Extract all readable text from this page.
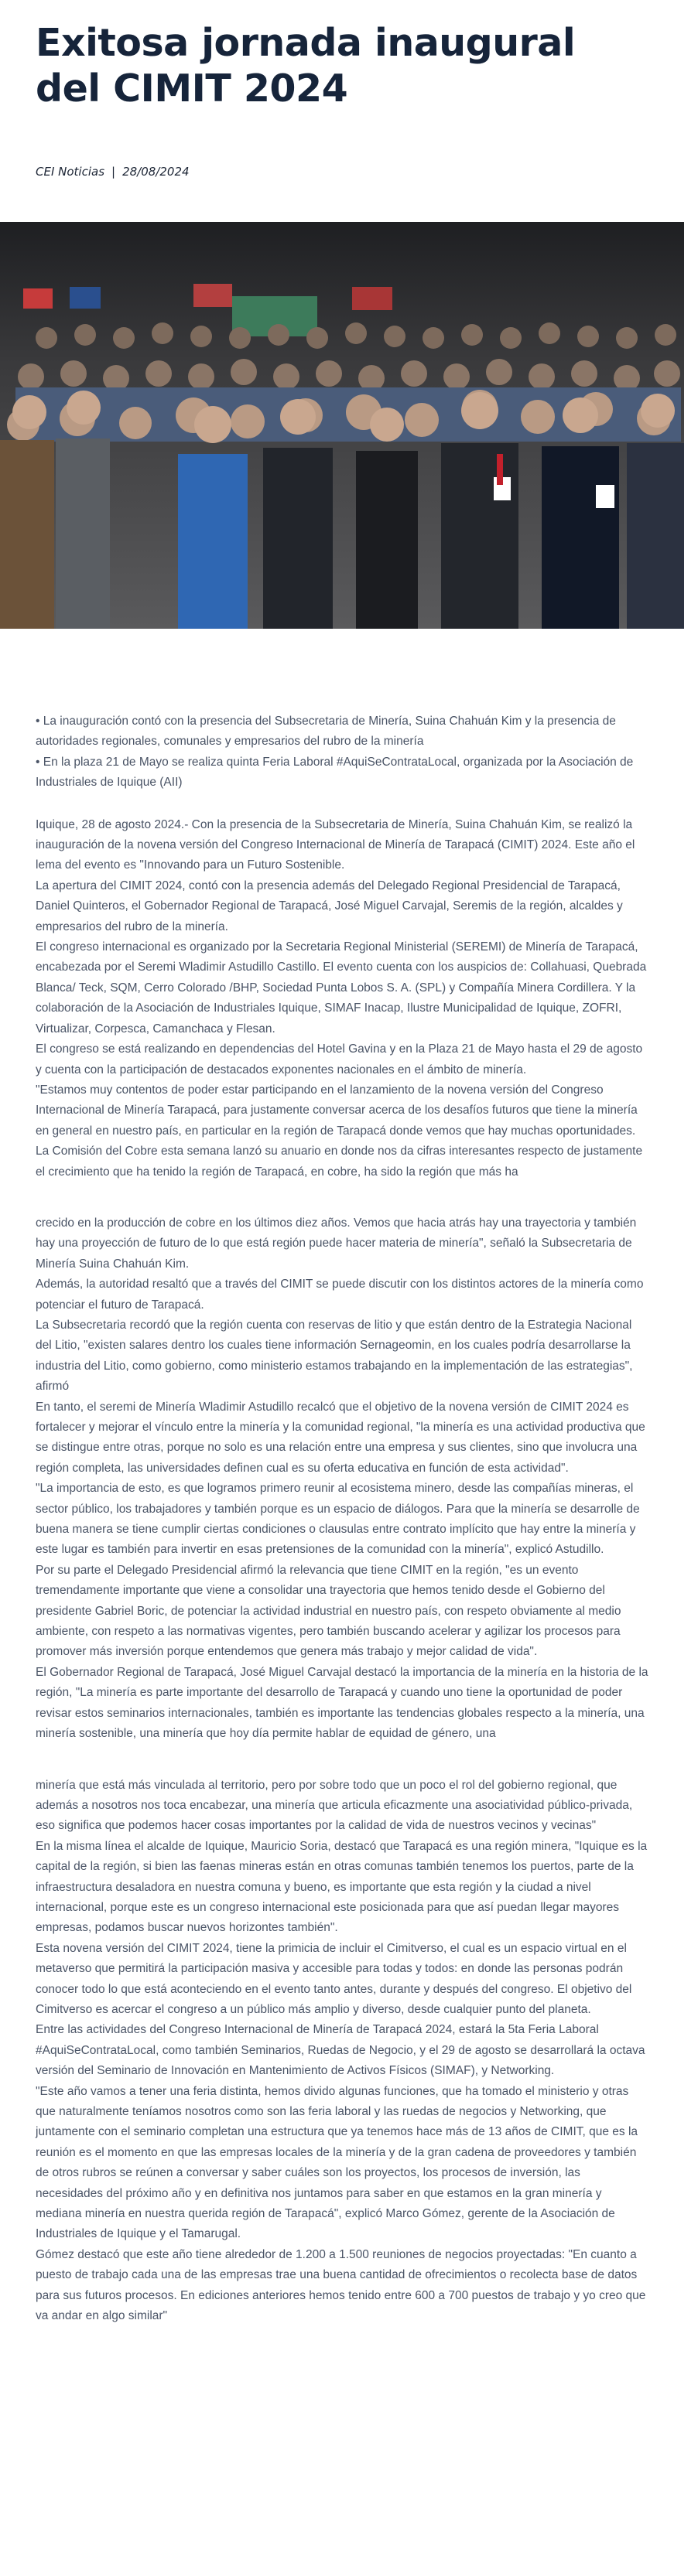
Exitosa jornada inaugural del CIMIT 2024
CEI Noticias | 28/08/2024

• La inauguración contó con la presencia del Subsecretaria de Minería, Suina Chahuán Kim y la presencia de autoridades regionales, comunales y empresarios del rubro de la minería

• En la plaza 21 de Mayo se realiza quinta Feria Laboral #AquiSeContrataLocal, organizada por la Asociación de Industriales de Iquique (AII)

Iquique, 28 de agosto 2024.- Con la presencia de la Subsecretaria de Minería, Suina Chahuán Kim, se realizó la inauguración de la novena versión del Congreso Internacional de Minería de Tarapacá (CIMIT) 2024. Este año el lema del evento es "Innovando para un Futuro Sostenible.

La apertura del CIMIT 2024, contó con la presencia además del Delegado Regional Presidencial de Tarapacá, Daniel Quinteros, el Gobernador Regional de Tarapacá, José Miguel Carvajal, Seremis de la región, alcaldes y empresarios del rubro de la minería.

El congreso internacional es organizado por la Secretaria Regional Ministerial (SEREMI) de Minería de Tarapacá, encabezada por el Seremi Wladimir Astudillo Castillo. El evento cuenta con los auspicios de: Collahuasi, Quebrada Blanca/ Teck, SQM, Cerro Colorado /BHP, Sociedad Punta Lobos S. A. (SPL) y Compañía Minera Cordillera. Y la colaboración de la Asociación de Industriales Iquique, SIMAF Inacap, Ilustre Municipalidad de Iquique, ZOFRI, Virtualizar, Corpesca, Camanchaca y Flesan.

El congreso se está realizando en dependencias del Hotel Gavina y en la Plaza 21 de Mayo hasta el 29 de agosto y cuenta con la participación de destacados exponentes nacionales en el ámbito de minería.

"Estamos muy contentos de poder estar participando en el lanzamiento de la novena versión del Congreso Internacional de Minería Tarapacá, para justamente conversar acerca de los desafíos futuros que tiene la minería en general en nuestro país, en particular en la región de Tarapacá donde vemos que hay muchas oportunidades. La Comisión del Cobre esta semana lanzó su anuario en donde nos da cifras interesantes respecto de justamente el crecimiento que ha tenido la región de Tarapacá, en cobre, ha sido la región que más ha

crecido en la producción de cobre en los últimos diez años. Vemos que hacia atrás hay una trayectoria y también hay una proyección de futuro de lo que está región puede hacer materia de minería", señaló la Subsecretaria de Minería Suina Chahuán Kim.

Además, la autoridad resaltó que a través del CIMIT se puede discutir con los distintos actores de la minería como potenciar el futuro de Tarapacá.

La Subsecretaria recordó que la región cuenta con reservas de litio y que están dentro de la Estrategia Nacional del Litio, "existen salares dentro los cuales tiene información Sernageomin, en los cuales podría desarrollarse la industria del Litio, como gobierno, como ministerio estamos trabajando en la implementación de las estrategias", afirmó

En tanto, el seremi de Minería Wladimir Astudillo recalcó que el objetivo de la novena versión de CIMIT 2024 es fortalecer y mejorar el vínculo entre la minería y la comunidad regional, "la minería es una actividad productiva que se distingue entre otras, porque no solo es una relación entre una empresa y sus clientes, sino que involucra una región completa, las universidades definen cual es su oferta educativa en función de esta actividad".

"La importancia de esto, es que logramos primero reunir al ecosistema minero, desde las compañías mineras, el sector público, los trabajadores y también porque es un espacio de diálogos. Para que la minería se desarrolle de buena manera se tiene cumplir ciertas condiciones o clausulas entre contrato implícito que hay entre la minería y este lugar es también para invertir en esas pretensiones de la comunidad con la minería", explicó Astudillo.

Por su parte el Delegado Presidencial afirmó la relevancia que tiene CIMIT en la región, "es un evento tremendamente importante que viene a consolidar una trayectoria que hemos tenido desde el Gobierno del presidente Gabriel Boric, de potenciar la actividad industrial en nuestro país, con respeto obviamente al medio ambiente, con respeto a las normativas vigentes, pero también buscando acelerar y agilizar los procesos para promover más inversión porque entendemos que genera más trabajo y mejor calidad de vida".

El Gobernador Regional de Tarapacá, José Miguel Carvajal destacó la importancia de la minería en la historia de la región, "La minería es parte importante del desarrollo de Tarapacá y cuando uno tiene la oportunidad de poder revisar estos seminarios internacionales, también es importante las tendencias globales respecto a la minería, una minería sostenible, una minería que hoy día permite hablar de equidad de género, una

minería que está más vinculada al territorio, pero por sobre todo que un poco el rol del gobierno regional, que además a nosotros nos toca encabezar, una minería que articula eficazmente una asociatividad público-privada, eso significa que podemos hacer cosas importantes por la calidad de vida de nuestros vecinos y vecinas"

En la misma línea el alcalde de Iquique, Mauricio Soria, destacó que Tarapacá es una región minera, "Iquique es la capital de la región, si bien las faenas mineras están en otras comunas también tenemos los puertos, parte de la infraestructura desaladora en nuestra comuna y bueno, es importante que esta región y la ciudad a nivel internacional, porque este es un congreso internacional este posicionada para que así puedan llegar mayores empresas, podamos buscar nuevos horizontes también".

Esta novena versión del CIMIT 2024, tiene la primicia de incluir el Cimitverso, el cual es un espacio virtual en el metaverso que permitirá la participación masiva y accesible para todas y todos: en donde las personas podrán conocer todo lo que está aconteciendo en el evento tanto antes, durante y después del congreso. El objetivo del Cimitverso es acercar el congreso a un público más amplio y diverso, desde cualquier punto del planeta.

Entre las actividades del Congreso Internacional de Minería de Tarapacá 2024, estará la 5ta Feria Laboral #AquiSeContrataLocal, como también Seminarios, Ruedas de Negocio, y el 29 de agosto se desarrollará la octava versión del Seminario de Innovación en Mantenimiento de Activos Físicos (SIMAF), y Networking.

"Este año vamos a tener una feria distinta, hemos divido algunas funciones, que ha tomado el ministerio y otras que naturalmente teníamos nosotros como son las feria laboral y las ruedas de negocios y Networking, que juntamente con el seminario completan una estructura que ya tenemos hace más de 13 años de CIMIT, que es la reunión es el momento en que las empresas locales de la minería y de la gran cadena de proveedores y también de otros rubros se reúnen a conversar y saber cuáles son los proyectos, los procesos de inversión, las necesidades del próximo año y en definitiva nos juntamos para saber en que estamos en la gran minería y mediana minería en nuestra querida región de Tarapacá", explicó Marco Gómez, gerente de la Asociación de Industriales de Iquique y el Tamarugal.

Gómez destacó que este año tiene alrededor de 1.200 a 1.500 reuniones de negocios proyectadas: "En cuanto a puesto de trabajo cada una de las empresas trae una buena cantidad de ofrecimientos o recolecta base de datos para sus futuros procesos. En ediciones anteriores hemos tenido entre 600 a 700 puestos de trabajo y yo creo que va andar en algo similar"
